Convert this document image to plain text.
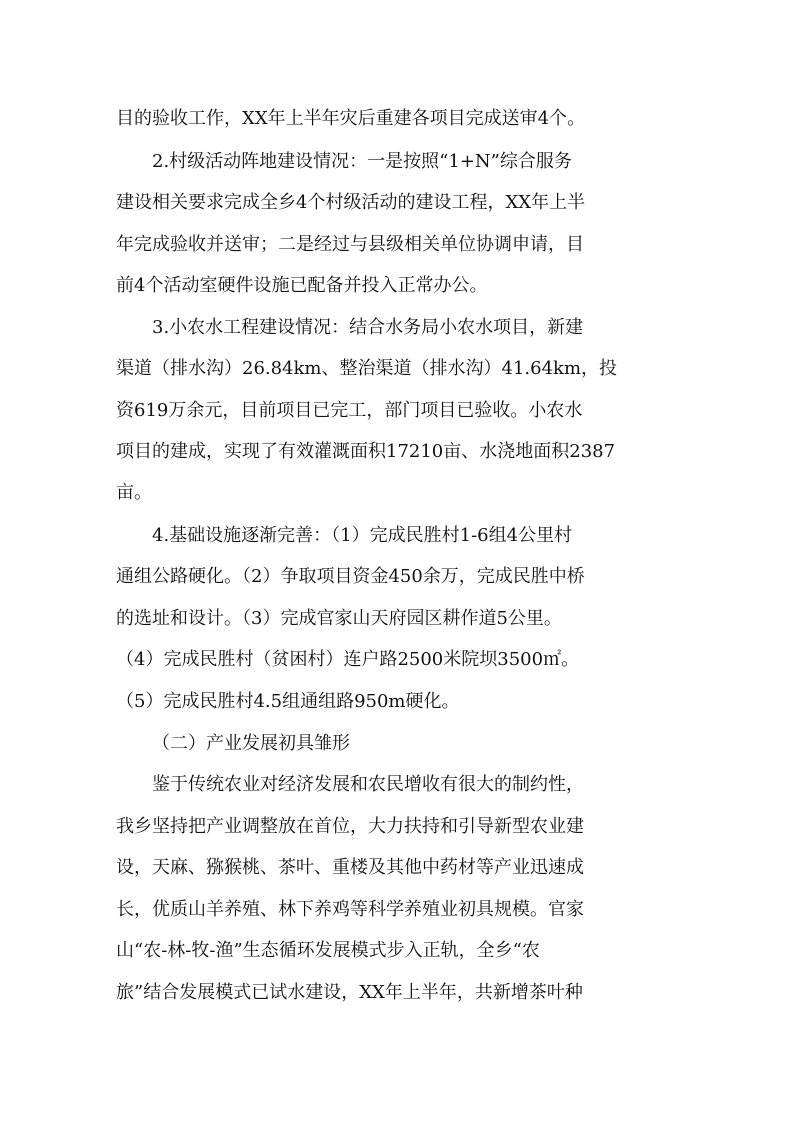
目的验收工作，XX年上半年灾后重建各项目完成送审4个。
2.村级活动阵地建设情况：一是按照“1+N”综合服务
建设相关要求完成全乡4个村级活动的建设工程，XX年上半
年完成验收并送审；二是经过与县级相关单位协调申请，目
前4个活动室硬件设施已配备并投入正常办公。
3.小农水工程建设情况：结合水务局小农水项目，新建
渠道（排水沟）26.84km、整治渠道（排水沟）41.64km，投
资619万余元，目前项目已完工，部门项目已验收。小农水
项目的建成，实现了有效灌溉面积17210亩、水浇地面积2387
亩。
4.基础设施逐渐完善：（1）完成民胜村1-6组4公里村
通组公路硬化。（2）争取项目资金450余万，完成民胜中桥
的选址和设计。（3）完成官家山天府园区耕作道5公里。
（4）完成民胜村（贫困村）连户路2500米院坝3500㎡。
（5）完成民胜村4.5组通组路950m硬化。
（二）产业发展初具雏形
鉴于传统农业对经济发展和农民增收有很大的制约性，
我乡坚持把产业调整放在首位，大力扶持和引导新型农业建
设，天麻、猕猴桃、茶叶、重楼及其他中药材等产业迅速成
长，优质山羊养殖、林下养鸡等科学养殖业初具规模。官家
山“农-林-牧-渔”生态循环发展模式步入正轨，全乡“农
旅”结合发展模式已试水建设，XX年上半年，共新增茶叶种
